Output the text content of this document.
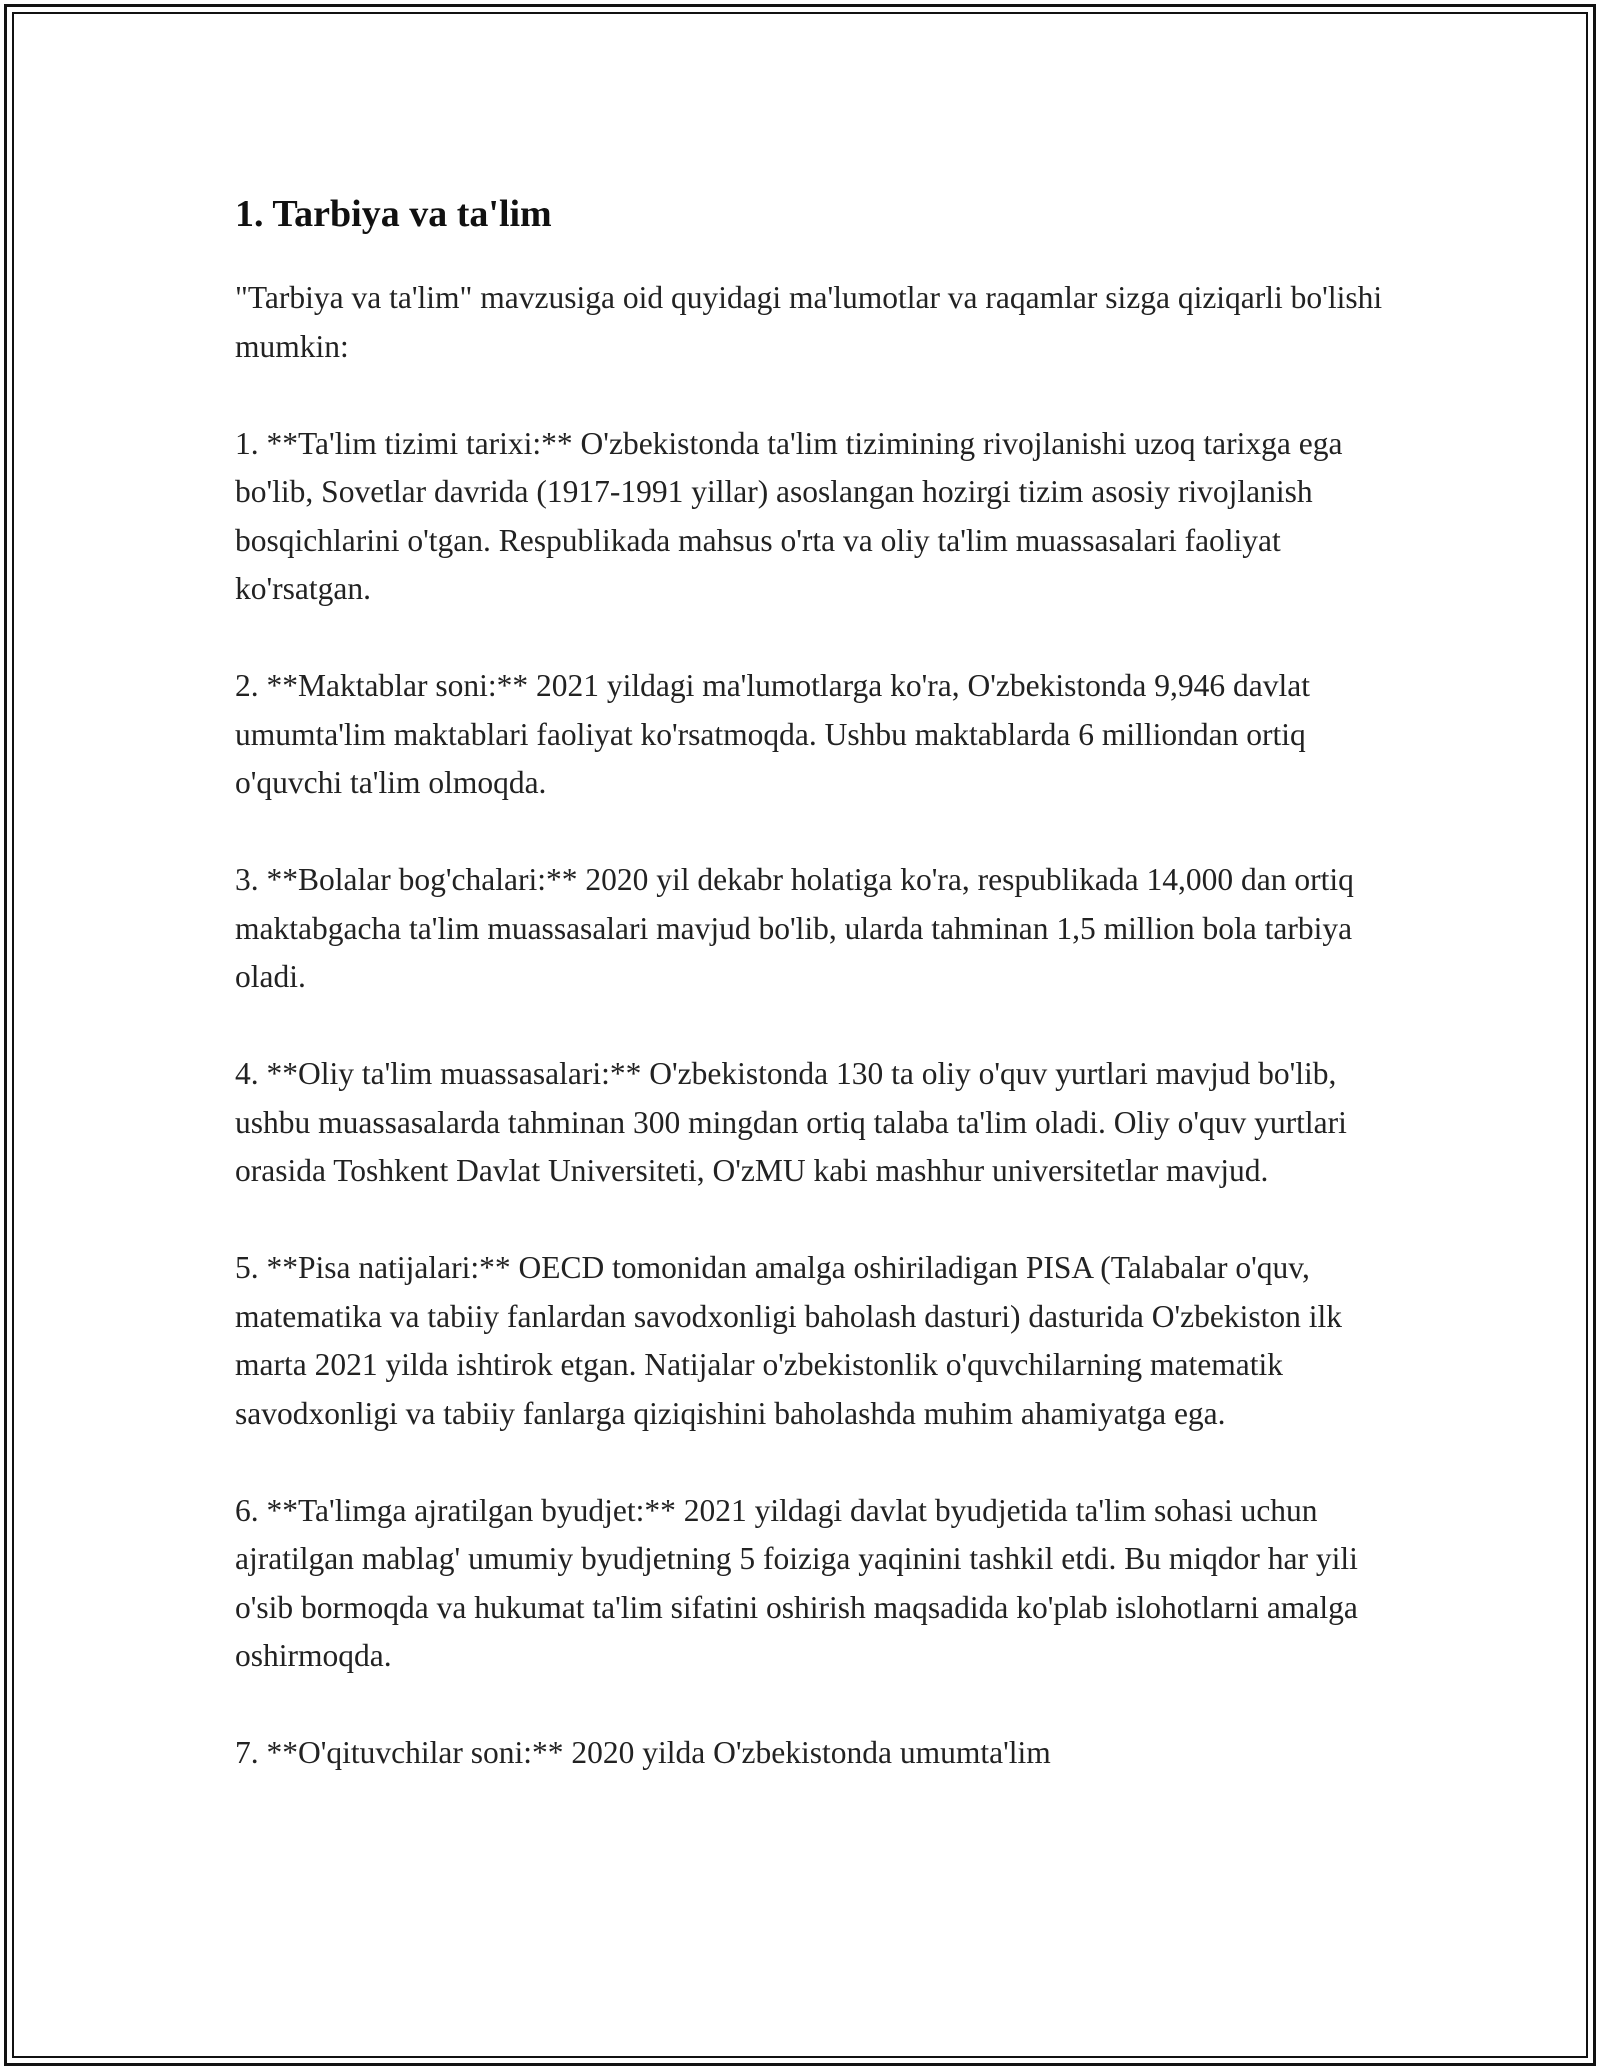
1. Tarbiya va ta'lim
"Tarbiya va ta'lim" mavzusiga oid quyidagi ma'lumotlar va raqamlar sizga qiziqarli bo'lishi mumkin:
1. **Ta'lim tizimi tarixi:** O'zbekistonda ta'lim tizimining rivojlanishi uzoq tarixga ega bo'lib, Sovetlar davrida (1917-1991 yillar) asoslangan hozirgi tizim asosiy rivojlanish bosqichlarini o'tgan. Respublikada mahsus o'rta va oliy ta'lim muassasalari faoliyat ko'rsatgan.
2. **Maktablar soni:** 2021 yildagi ma'lumotlarga ko'ra, O'zbekistonda 9,946 davlat umumta'lim maktablari faoliyat ko'rsatmoqda. Ushbu maktablarda 6 milliondan ortiq o'quvchi ta'lim olmoqda.
3. **Bolalar bog'chalari:** 2020 yil dekabr holatiga ko'ra, respublikada 14,000 dan ortiq maktabgacha ta'lim muassasalari mavjud bo'lib, ularda tahminan 1,5 million bola tarbiya oladi.
4. **Oliy ta'lim muassasalari:** O'zbekistonda 130 ta oliy o'quv yurtlari mavjud bo'lib, ushbu muassasalarda tahminan 300 mingdan ortiq talaba ta'lim oladi. Oliy o'quv yurtlari orasida Toshkent Davlat Universiteti, O'zMU kabi mashhur universitetlar mavjud.
5. **Pisa natijalari:** OECD tomonidan amalga oshiriladigan PISA (Talabalar o'quv, matematika va tabiiy fanlardan savodxonligi baholash dasturi) dasturida O'zbekiston ilk marta 2021 yilda ishtirok etgan. Natijalar o'zbekistonlik o'quvchilarning matematik savodxonligi va tabiiy fanlarga qiziqishini baholashda muhim ahamiyatga ega.
6. **Ta'limga ajratilgan byudjet:** 2021 yildagi davlat byudjetida ta'lim sohasi uchun ajratilgan mablag' umumiy byudjetning 5 foiziga yaqinini tashkil etdi. Bu miqdor har yili o'sib bormoqda va hukumat ta'lim sifatini oshirish maqsadida ko'plab islohotlarni amalga oshirmoqda.
7. **O'qituvchilar soni:** 2020 yilda O'zbekistonda umumta'lim
